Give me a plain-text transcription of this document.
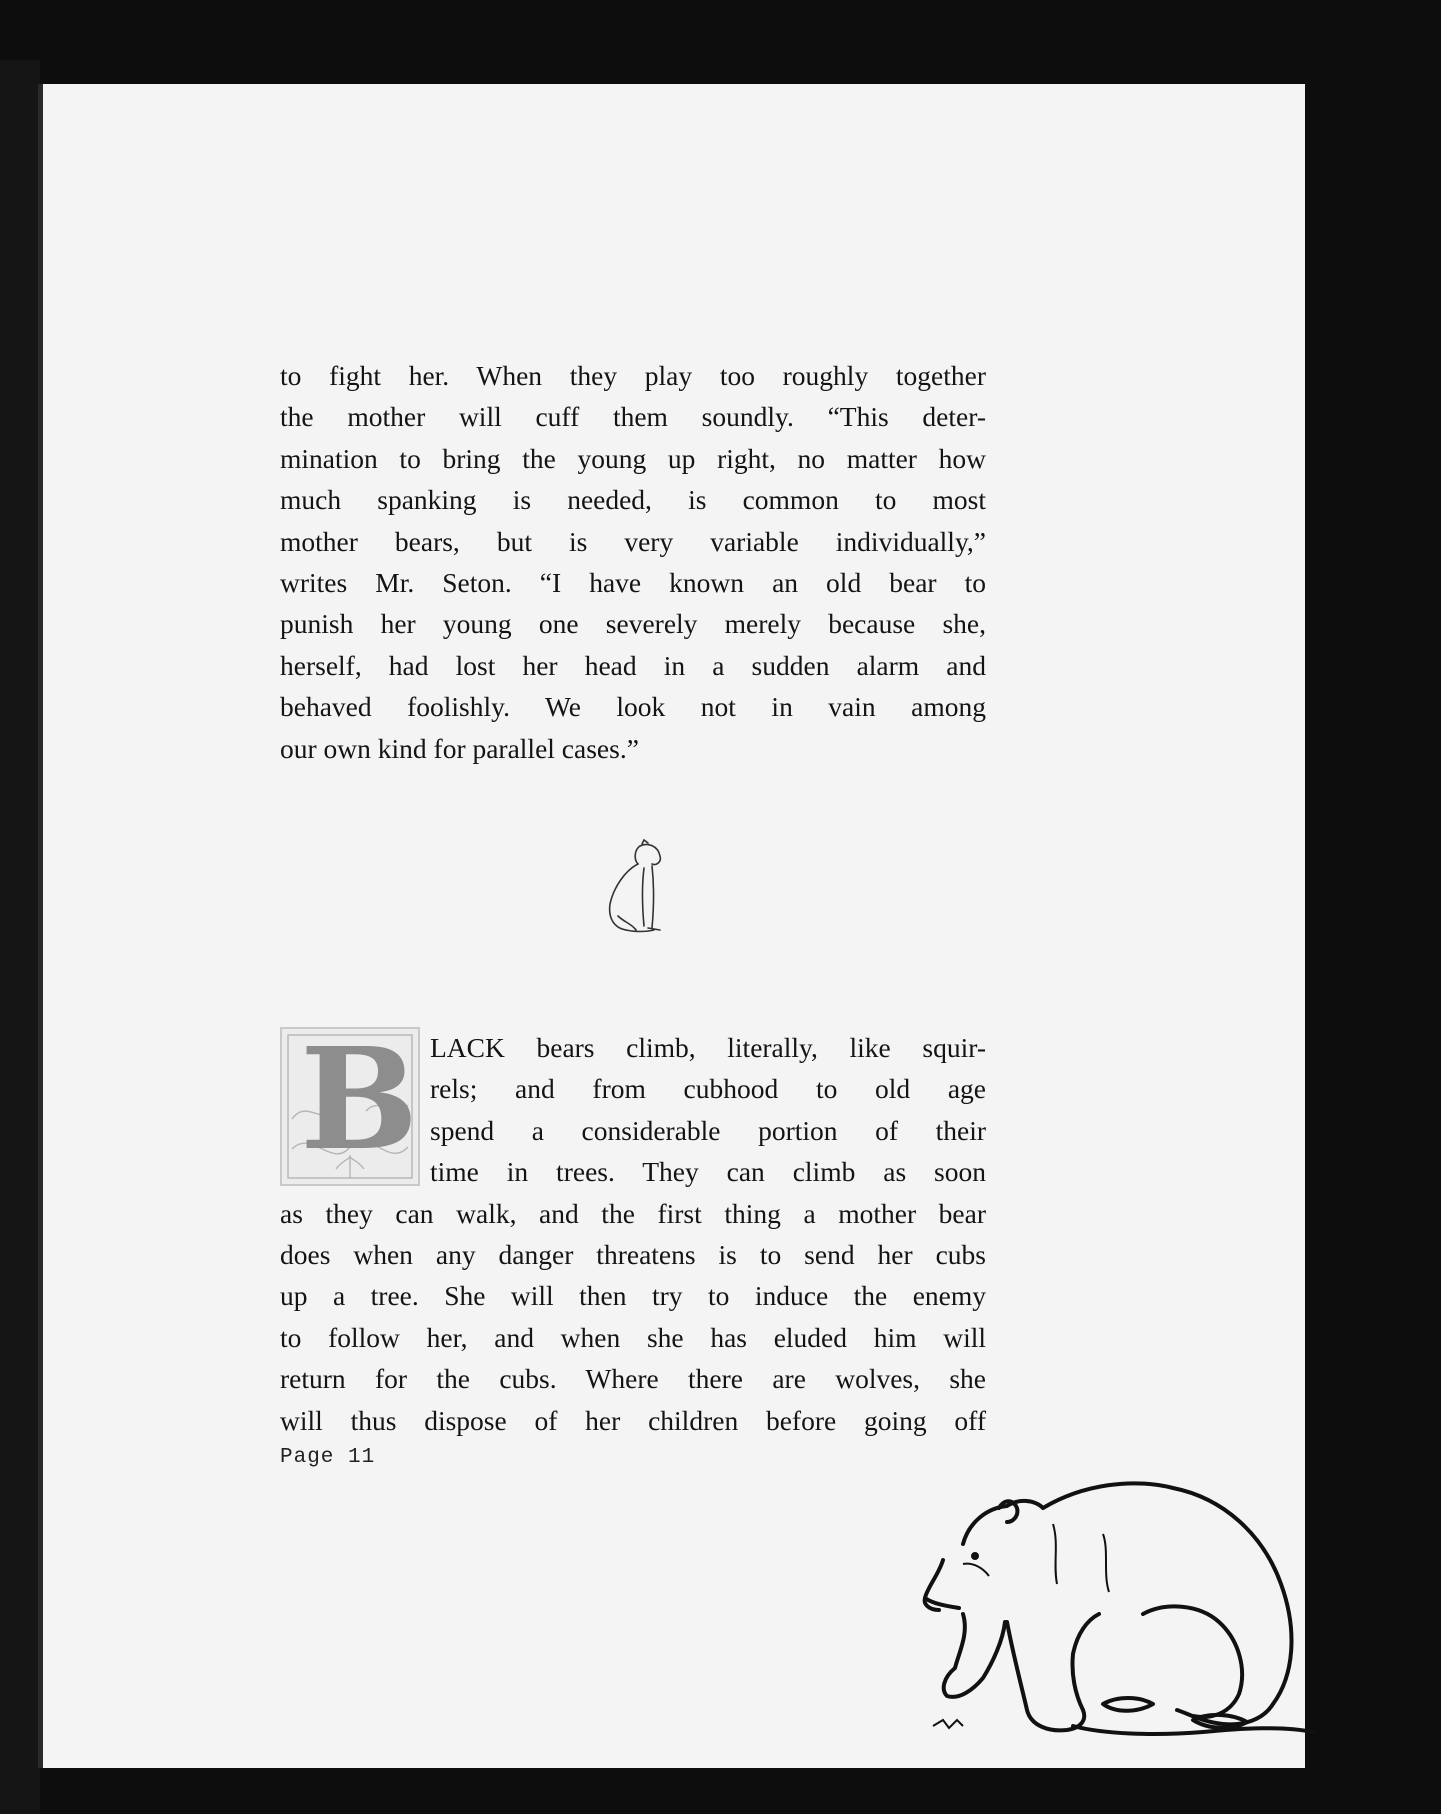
to fight her. When they play too roughly together
the mother will cuff them soundly. “This deter-
mination to bring the young up right, no matter how
much spanking is needed, is common to most
mother bears, but is very variable individually,”
writes Mr. Seton. “I have known an old bear to
punish her young one severely merely because she,
herself, had lost her head in a sudden alarm and
behaved foolishly. We look not in vain among
our own kind for parallel cases.”
B LACK bears climb, literally, like squir-
rels; and from cubhood to old age
spend a considerable portion of their
time in trees. They can climb as soon
as they can walk, and the first thing a mother bear
does when any danger threatens is to send her cubs
up a tree. She will then try to induce the enemy
to follow her, and when she has eluded him will
return for the cubs. Where there are wolves, she
will thus dispose of her children before going off
Page 11
